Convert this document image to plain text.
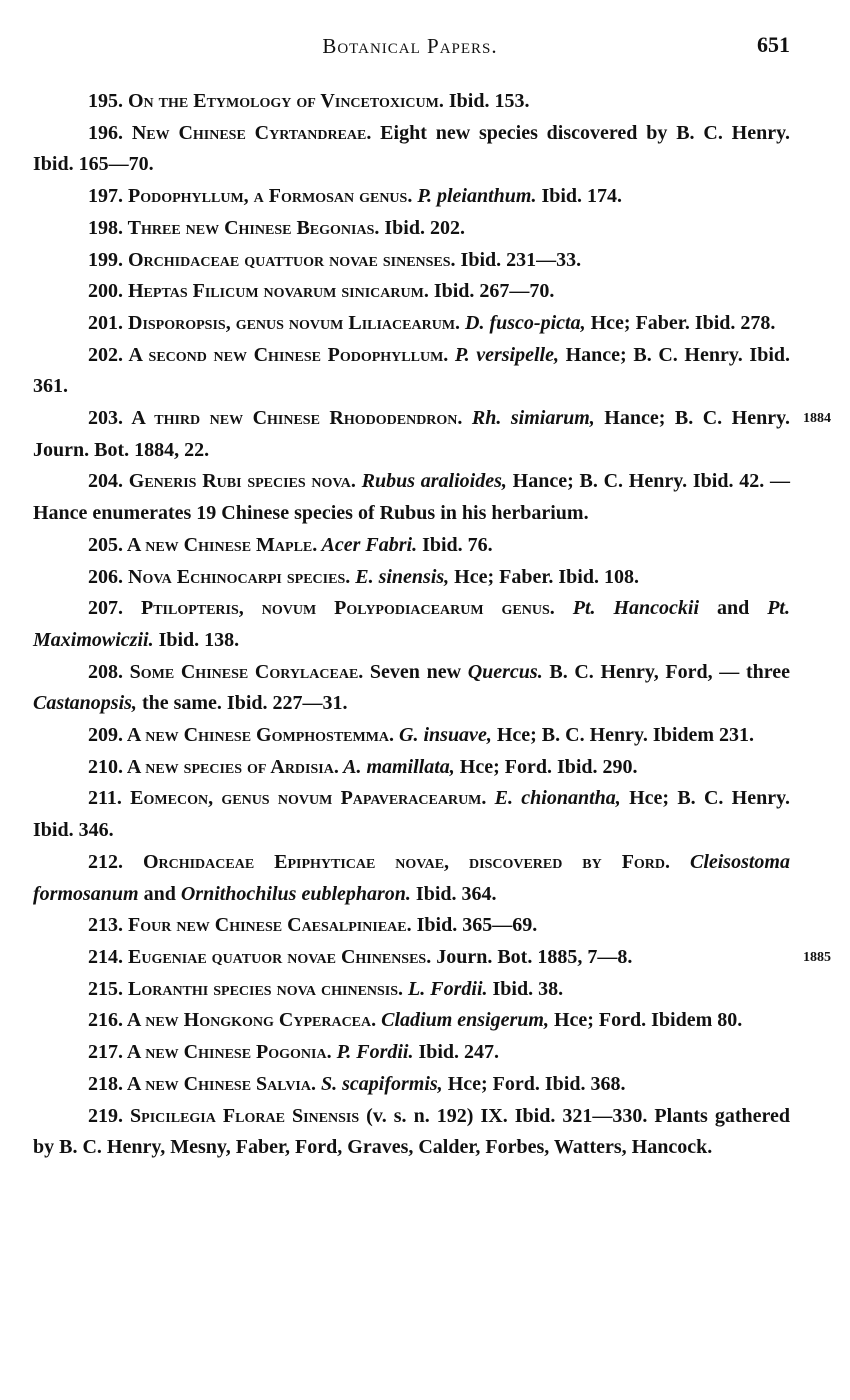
Botanical Papers.	651
195. On the Etymology of Vincetoxicum. Ibid. 153.
196. New Chinese Cyrtandreae. Eight new species discovered by B. C. Henry. Ibid. 165—70.
197. Podophyllum, a Formosan genus. P. pleianthum. Ibid. 174.
198. Three new Chinese Begonias. Ibid. 202.
199. Orchidaceae quattuor novae sinenses. Ibid. 231—33.
200. Heptas Filicum novarum sinicarum. Ibid. 267—70.
201. Disporopsis, genus novum Liliacearum. D. fusco-picta, Hce; Faber. Ibid. 278.
202. A second new Chinese Podophyllum. P. versipelle, Hance; B. C. Henry. Ibid. 361.
203. A third new Chinese Rhododendron. Rh. simiarum, Hance; B. C. Henry. Journ. Bot. 1884, 22.
1884
204. Generis Rubi species nova. Rubus aralioides, Hance; B. C. Henry. Ibid. 42. — Hance enumerates 19 Chinese species of Rubus in his herbarium.
205. A new Chinese Maple. Acer Fabri. Ibid. 76.
206. Nova Echinocarpi species. E. sinensis, Hce; Faber. Ibid. 108.
207. Ptilopteris, novum Polypodiacearum genus. Pt. Hancockii and Pt. Maximowiczii. Ibid. 138.
208. Some Chinese Corylaceae. Seven new Quercus. B. C. Henry, Ford, — three Castanopsis, the same. Ibid. 227—31.
209. A new Chinese Gomphostemma. G. insuave, Hce; B. C. Henry. Ibidem 231.
210. A new species of Ardisia. A. mamillata, Hce; Ford. Ibid. 290.
211. Eomecon, genus novum Papaveracearum. E. chionantha, Hce; B. C. Henry. Ibid. 346.
212. Orchidaceae Epiphyticae novae, discovered by Ford. Cleisostoma formosanum and Ornithochilus eublepharon. Ibid. 364.
213. Four new Chinese Caesalpinieae. Ibid. 365—69.
214. Eugeniae quatuor novae Chinenses. Journ. Bot. 1885, 7—8.	1885
215. Loranthi species nova chinensis. L. Fordii. Ibid. 38.
216. A new Hongkong Cyperacea. Cladium ensigerum, Hce; Ford. Ibidem 80.
217. A new Chinese Pogonia. P. Fordii. Ibid. 247.
218. A new Chinese Salvia. S. scapiformis, Hce; Ford. Ibid. 368.
219. Spicilegia Florae Sinensis (v. s. n. 192) IX. Ibid. 321—330. Plants gathered by B. C. Henry, Mesny, Faber, Ford, Graves, Calder, Forbes, Watters, Hancock.
